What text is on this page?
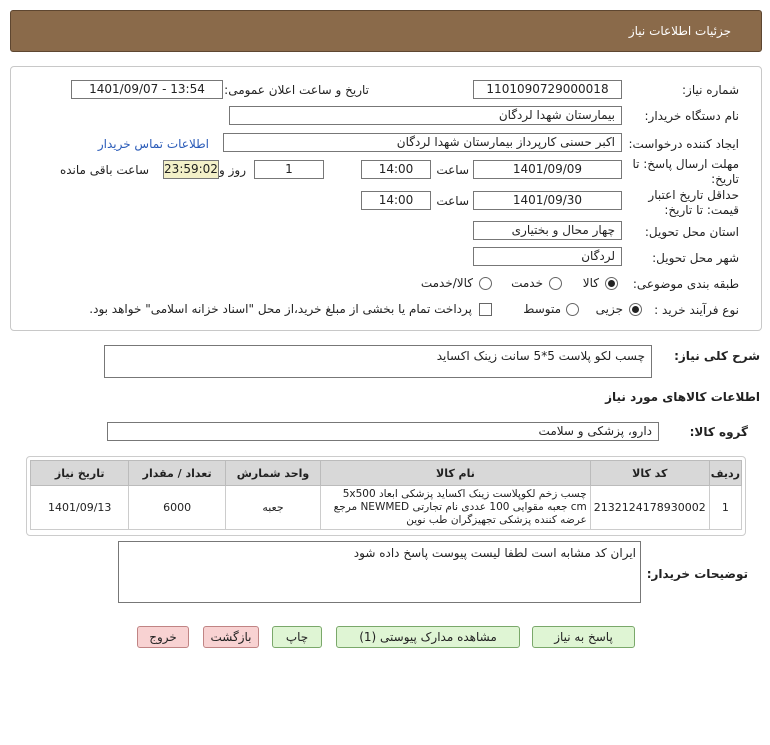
جزئیات اطلاعات نیاز
شماره نیاز:
1101090729000018
تاریخ و ساعت اعلان عمومی:
1401/09/07 - 13:54
نام دستگاه خریدار:
بیمارستان شهدا لردگان
ایجاد کننده درخواست:
اکبر حسنی کارپرداز بیمارستان شهدا لردگان
اطلاعات تماس خریدار
مهلت ارسال پاسخ: تا
تاریخ:
1401/09/09
ساعت
14:00
1
روز و
23:59:02
ساعت باقی مانده
حداقل تاریخ اعتبار
قیمت: تا تاریخ:
1401/09/30
ساعت
14:00
استان محل تحویل:
چهار محال و بختیاری
شهر محل تحویل:
لردگان
طبقه بندی موضوعی:
کالا
خدمت
کالا/خدمت
نوع فرآیند خرید :
جزیی
متوسط
پرداخت تمام یا بخشی از مبلغ خرید،از محل "اسناد خزانه اسلامی" خواهد بود.
شرح کلی نیاز:
چسب لکو پلاست 5*5 سانت زینک اکساید
اطلاعات کالاهای مورد نیاز
گروه کالا:
دارو، پزشکی و سلامت
ردیف	کد کالا	نام کالا	واحد شمارش	تعداد / مقدار	تاریخ نیاز
1	2132124178930002	چسب زخم لکوپلاست زینک اکساید پزشکی ابعاد 5x500 cm جعبه مقوایی 100 عددی نام تجارتی NEWMED مرجع عرضه کننده پزشکی تجهیزگران طب نوین	جعبه	6000	1401/09/13
توضیحات خریدار:
ایران کد مشابه است لطفا لیست پیوست پاسخ داده شود
پاسخ به نیاز
مشاهده مدارک پیوستی (1)
چاپ
بازگشت
خروج
